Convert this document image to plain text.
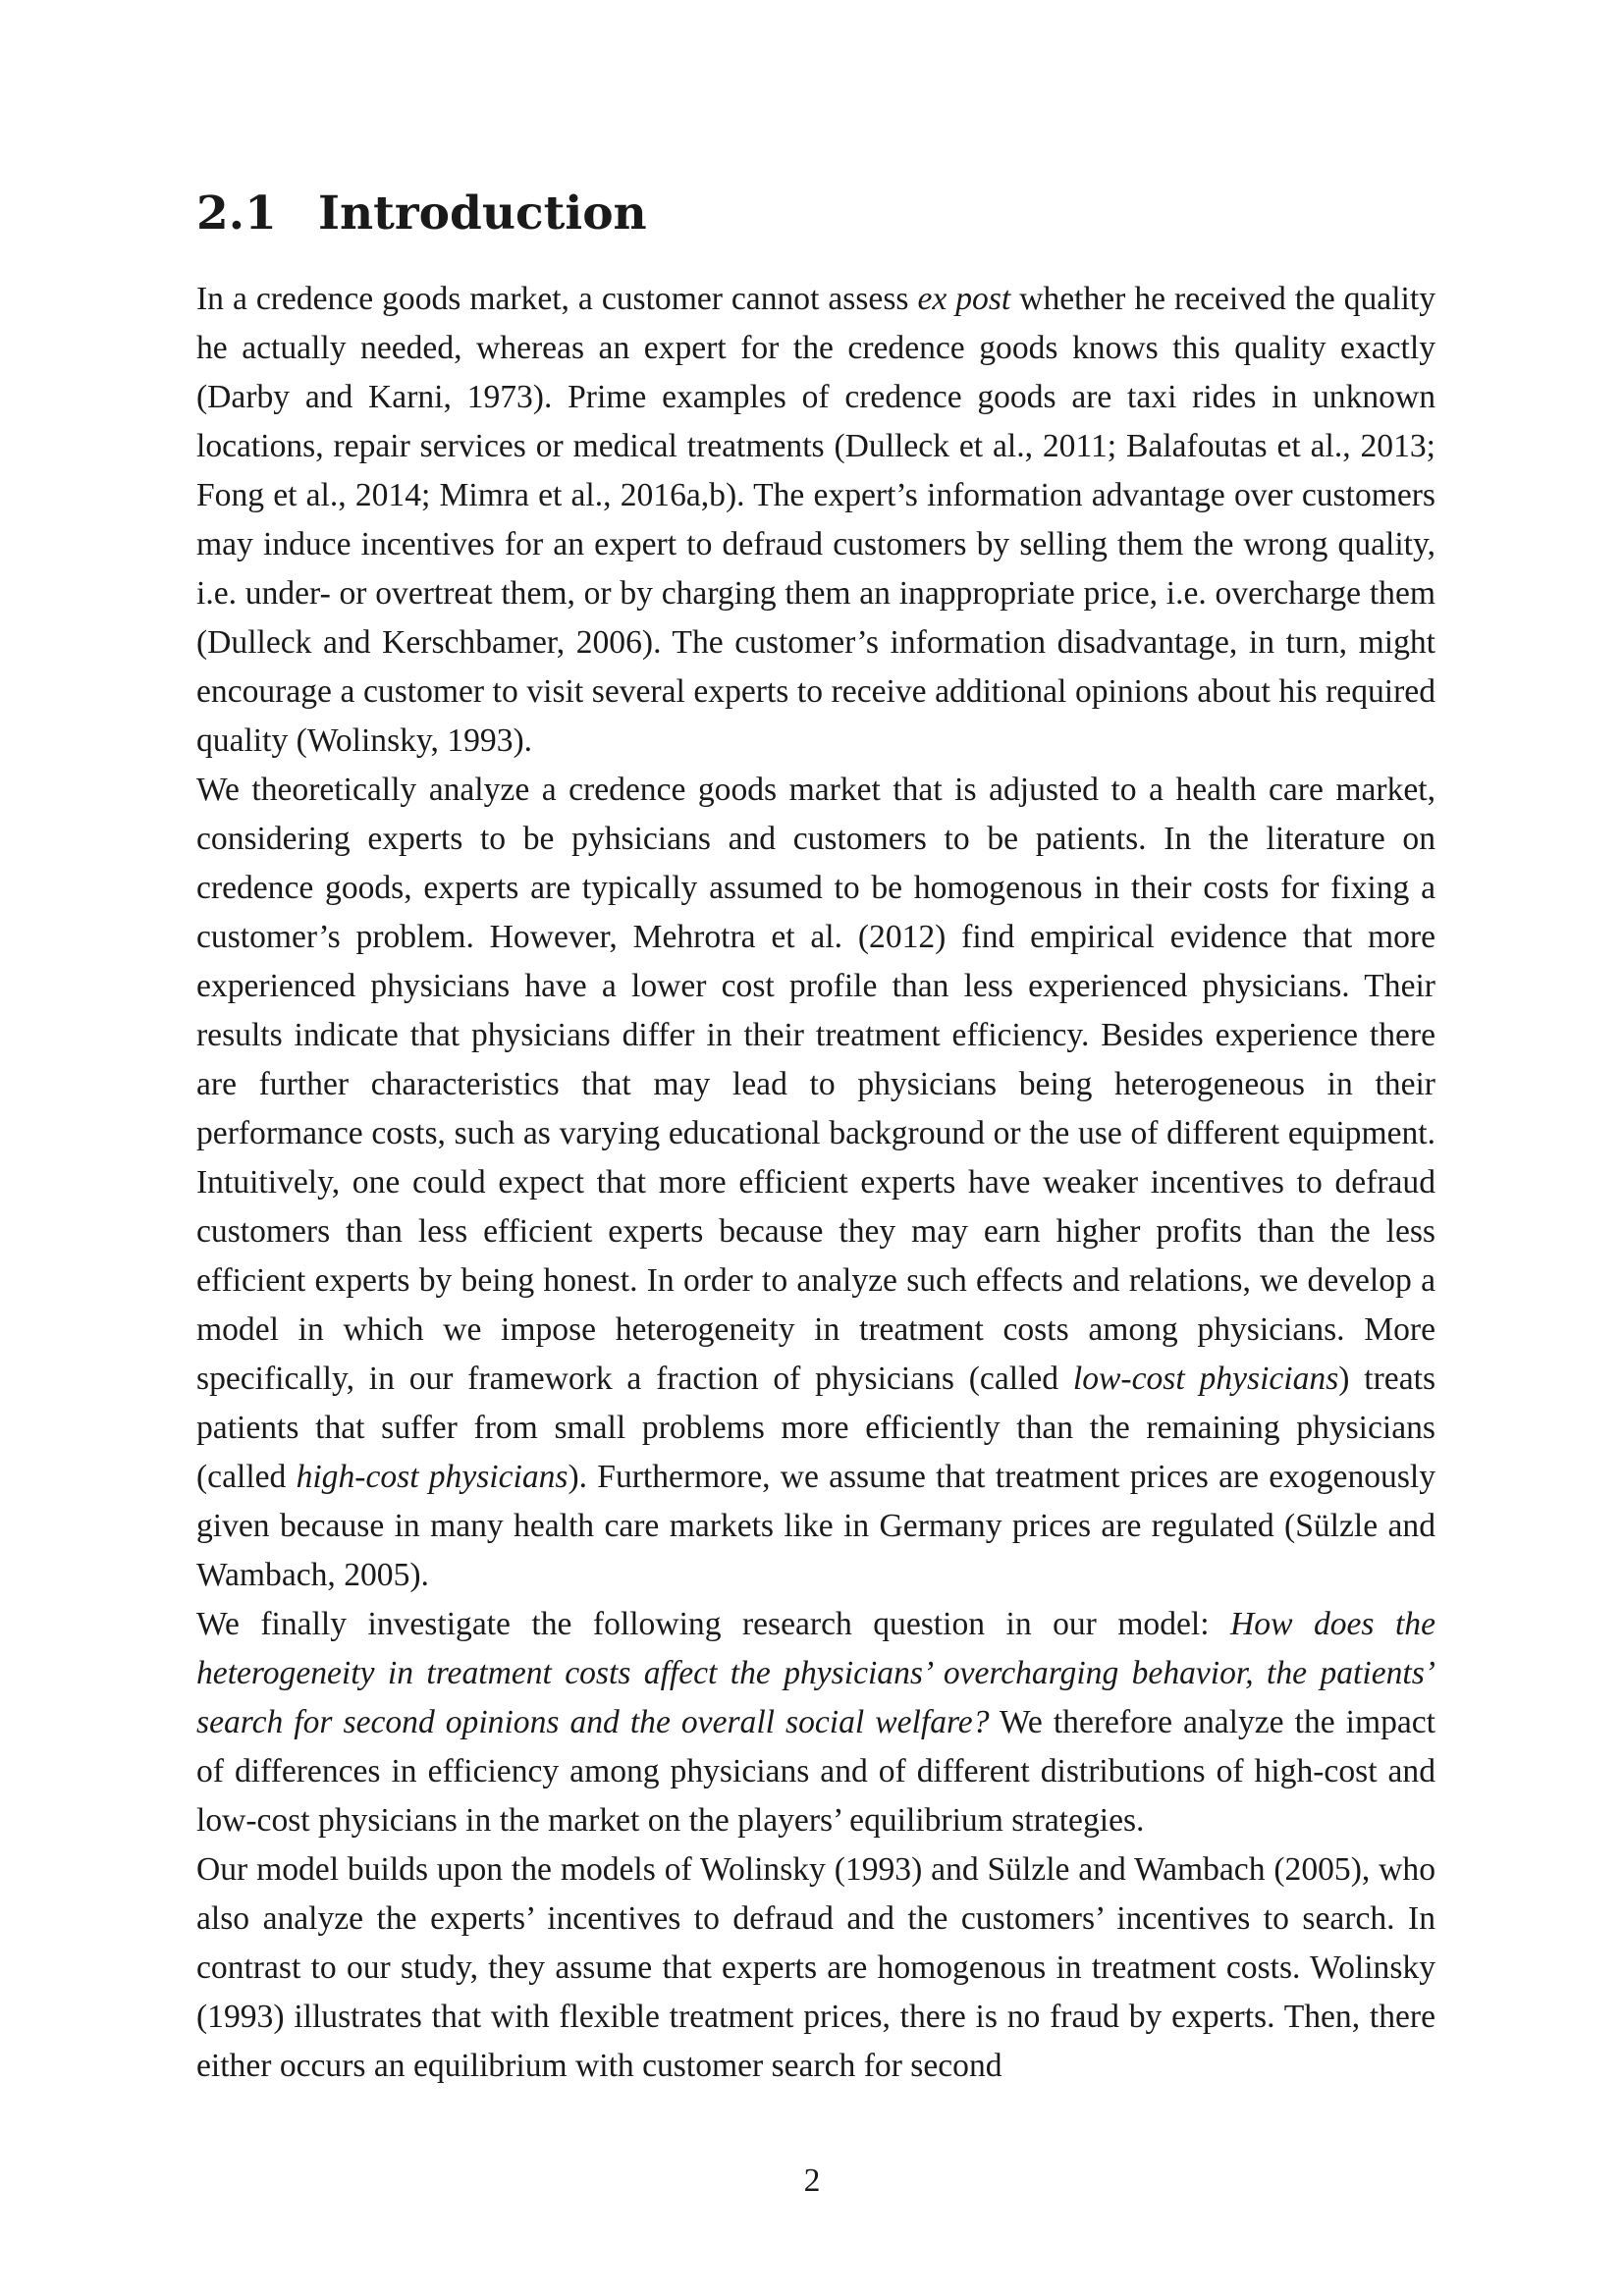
2.1 Introduction

In a credence goods market, a customer cannot assess ex post whether he received the quality he actually needed, whereas an expert for the credence goods knows this quality exactly (Darby and Karni, 1973). Prime examples of credence goods are taxi rides in unknown locations, repair services or medical treatments (Dulleck et al., 2011; Balafoutas et al., 2013; Fong et al., 2014; Mimra et al., 2016a,b). The expert’s information advantage over customers may induce incentives for an expert to defraud customers by selling them the wrong quality, i.e. under- or overtreat them, or by charging them an inappropriate price, i.e. overcharge them (Dulleck and Kerschbamer, 2006). The customer’s information disadvantage, in turn, might encourage a customer to visit several experts to receive additional opinions about his required quality (Wolinsky, 1993).

We theoretically analyze a credence goods market that is adjusted to a health care market, considering experts to be pyhsicians and customers to be patients. In the literature on credence goods, experts are typically assumed to be homogenous in their costs for fixing a customer’s problem. However, Mehrotra et al. (2012) find empirical evidence that more experienced physicians have a lower cost profile than less experienced physicians. Their results indicate that physicians differ in their treatment efficiency. Besides experience there are further characteristics that may lead to physicians being heterogeneous in their performance costs, such as varying educational background or the use of different equipment. Intuitively, one could expect that more efficient experts have weaker incentives to defraud customers than less efficient experts because they may earn higher profits than the less efficient experts by being honest. In order to analyze such effects and relations, we develop a model in which we impose heterogeneity in treatment costs among physicians. More specifically, in our framework a fraction of physicians (called low-cost physicians) treats patients that suffer from small problems more efficiently than the remaining physicians (called high-cost physicians). Furthermore, we assume that treatment prices are exogenously given because in many health care markets like in Germany prices are regulated (Sülzle and Wambach, 2005).

We finally investigate the following research question in our model: How does the heterogeneity in treatment costs affect the physicians’ overcharging behavior, the patients’ search for second opinions and the overall social welfare? We therefore analyze the impact of differences in efficiency among physicians and of different distributions of high-cost and low-cost physicians in the market on the players’ equilibrium strategies.

Our model builds upon the models of Wolinsky (1993) and Sülzle and Wambach (2005), who also analyze the experts’ incentives to defraud and the customers’ incentives to search. In contrast to our study, they assume that experts are homogenous in treatment costs. Wolinsky (1993) illustrates that with flexible treatment prices, there is no fraud by experts. Then, there either occurs an equilibrium with customer search for second

2
